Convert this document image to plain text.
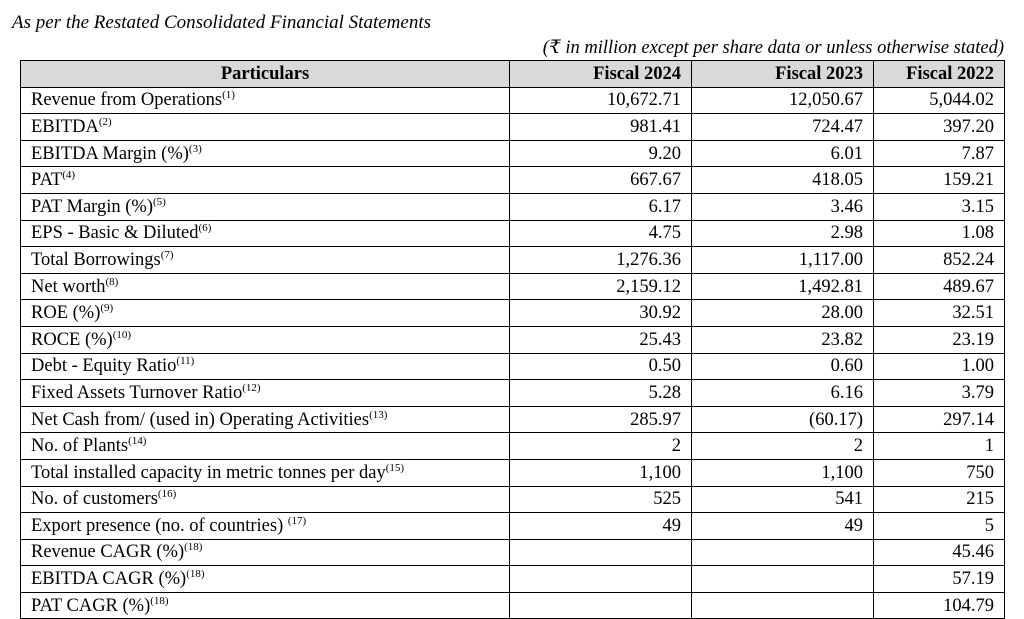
As per the Restated Consolidated Financial Statements
(₹ in million except per share data or unless otherwise stated)
Particulars	Fiscal 2024	Fiscal 2023	Fiscal 2022
Revenue from Operations$^{(1)}$	10,672.71	12,050.67	5,044.02
EBITDA$^{(2)}$	981.41	724.47	397.20
EBITDA Margin (%)$^{(3)}$	9.20	6.01	7.87
PAT$^{(4)}$	667.67	418.05	159.21
PAT Margin (%)$^{(5)}$	6.17	3.46	3.15
EPS - Basic & Diluted$^{(6)}$	4.75	2.98	1.08
Total Borrowings$^{(7)}$	1,276.36	1,117.00	852.24
Net worth$^{(8)}$	2,159.12	1,492.81	489.67
ROE (%)$^{(9)}$	30.92	28.00	32.51
ROCE (%)$^{(10)}$	25.43	23.82	23.19
Debt - Equity Ratio$^{(11)}$	0.50	0.60	1.00
Fixed Assets Turnover Ratio$^{(12)}$	5.28	6.16	3.79
Net Cash from/ (used in) Operating Activities$^{(13)}$	285.97	(60.17)	297.14
No. of Plants$^{(14)}$	2	2	1
Total installed capacity in metric tonnes per day$^{(15)}$	1,100	1,100	750
No. of customers$^{(16)}$	525	541	215
Export presence (no. of countries) $^{(17)}$	49	49	5
Revenue CAGR (%)$^{(18)}$			45.46
EBITDA CAGR (%)$^{(18)}$			57.19
PAT CAGR (%)$^{(18)}$			104.79
